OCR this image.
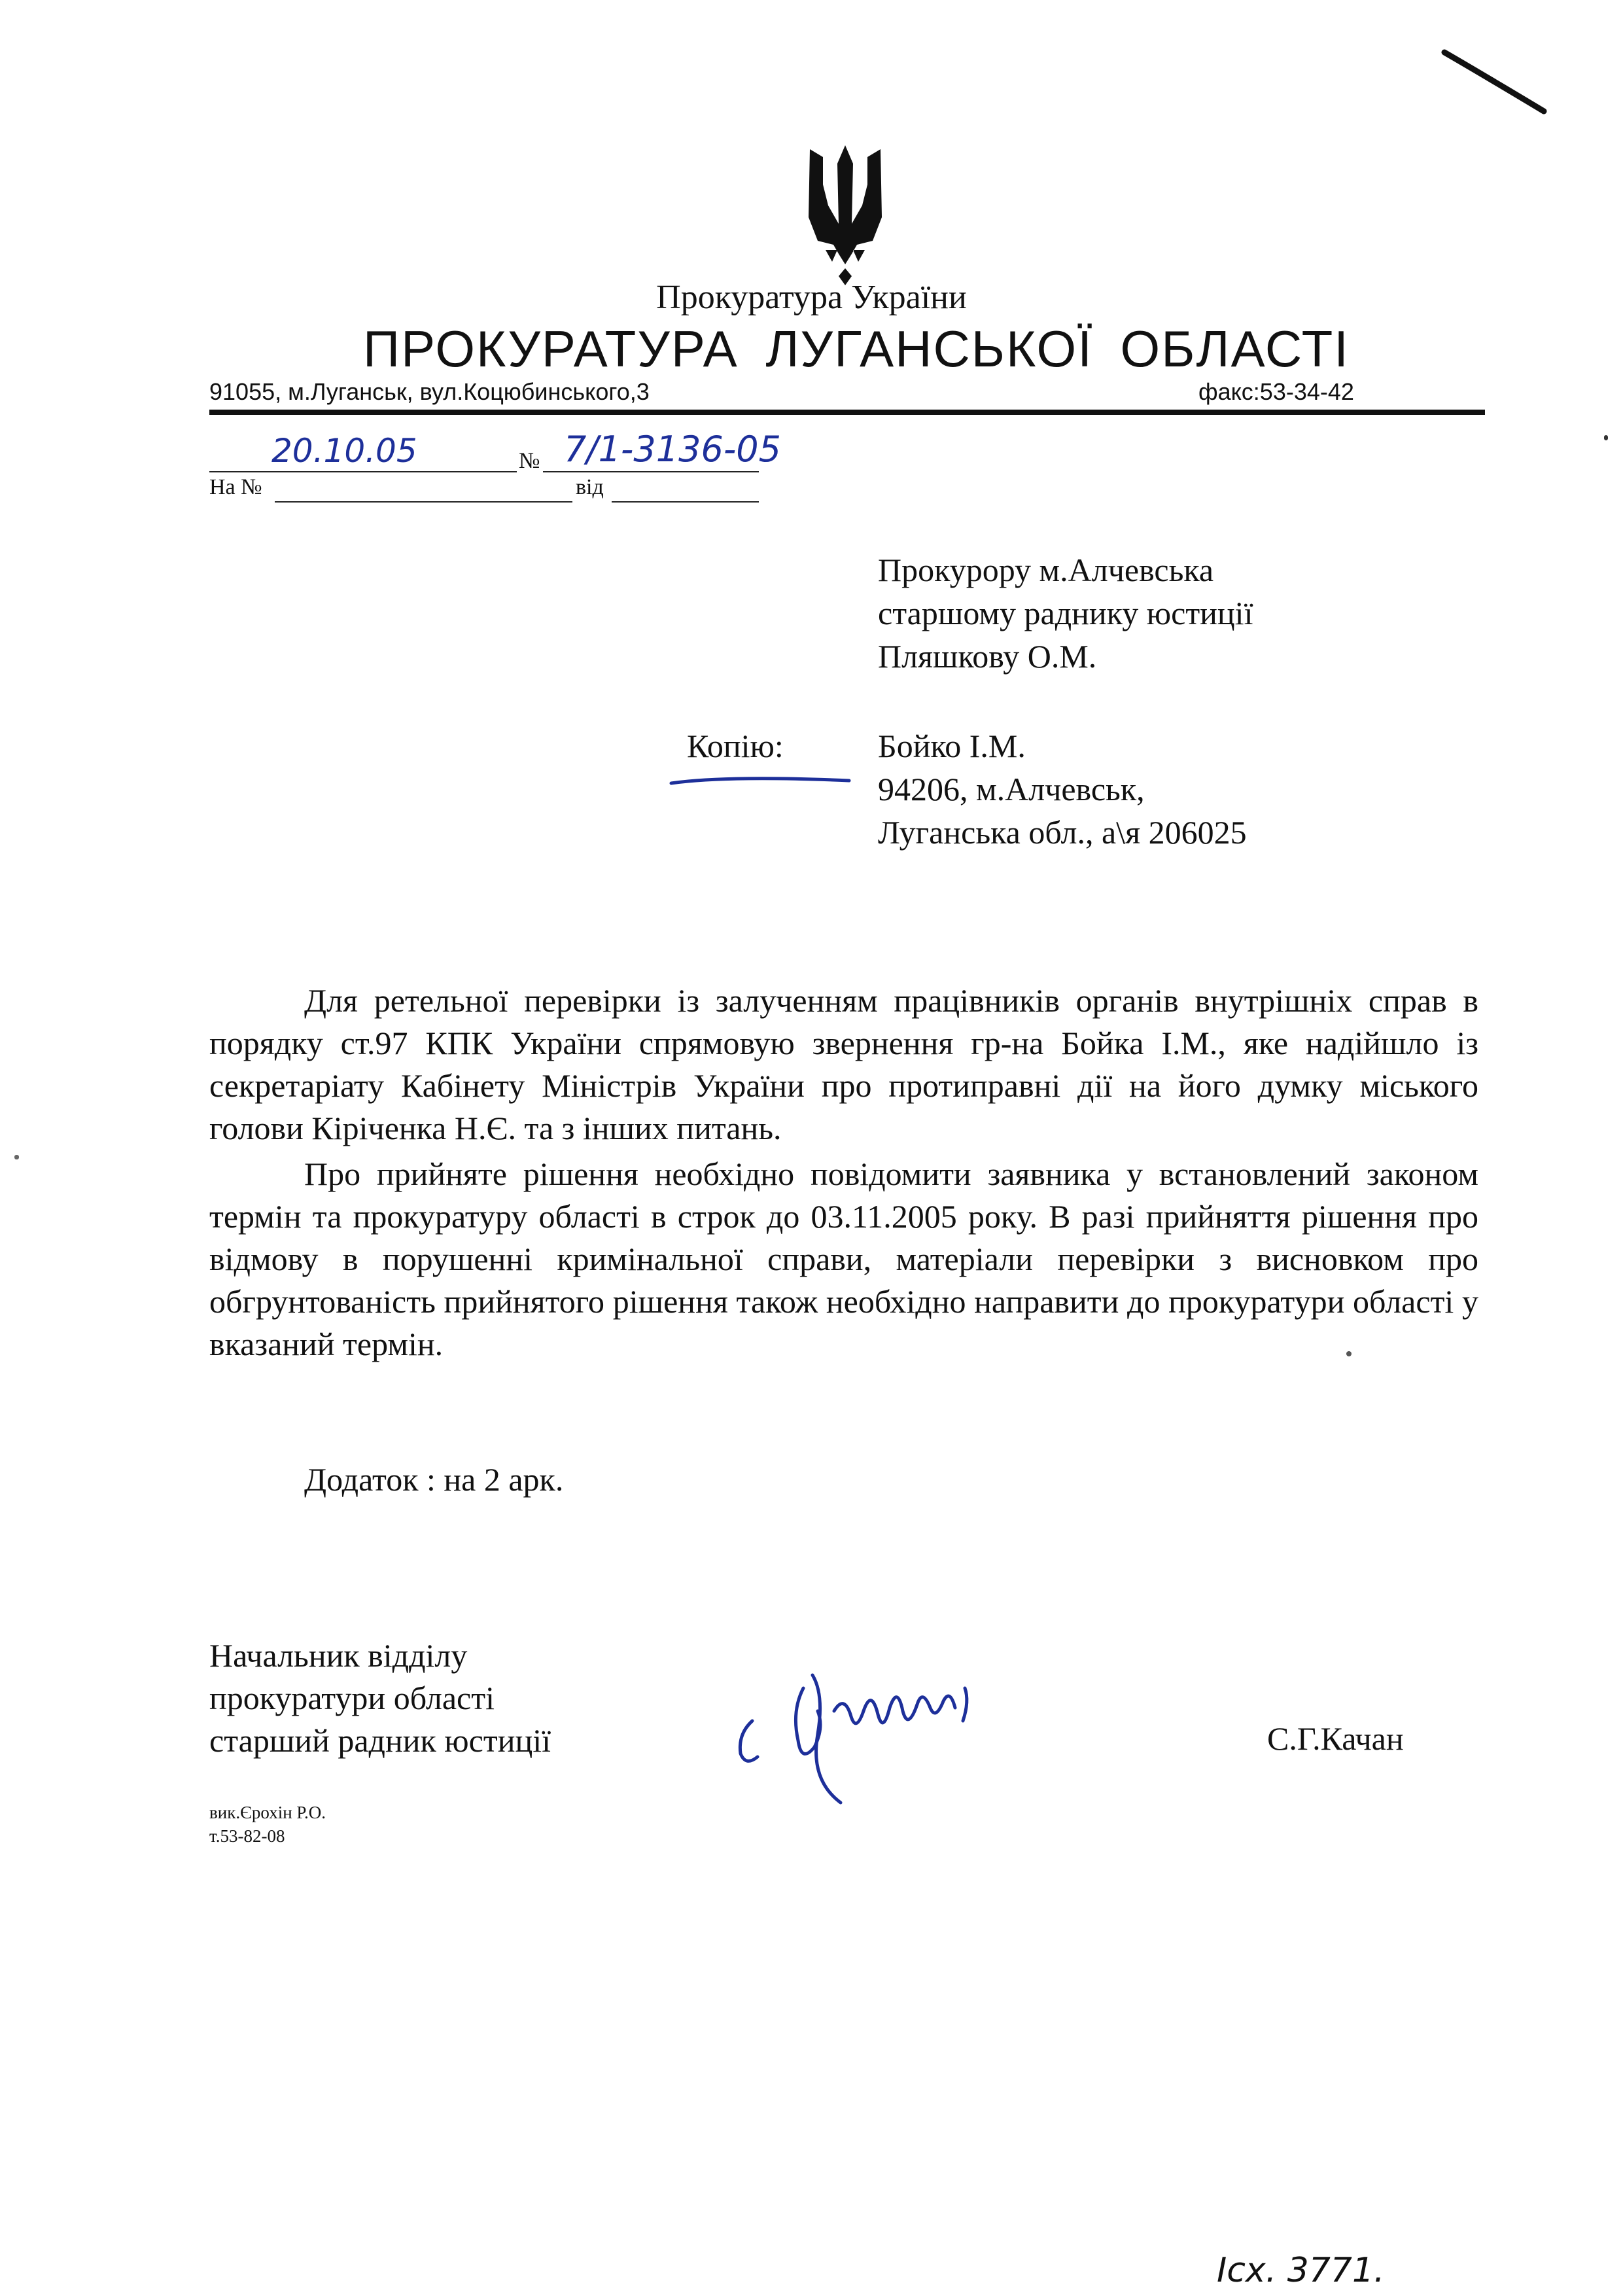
Прокуратура України
ПРОКУРАТУРА ЛУГАНСЬКОЇ ОБЛАСТІ
91055, м.Луганськ, вул.Коцюбинського,3	факс:53-34-42
20.10.05	№ 7/1-3136-05
На №	від
Прокурору м.Алчевська
старшому раднику юстиції
Пляшкову О.М.
Копію:	Бойко І.М.
94206, м.Алчевськ,
Луганська обл., а\я 206025

Для ретельної перевірки із залученням працівників органів внутрішніх справ в порядку ст.97 КПК України спрямовую звернення гр-на Бойка І.М., яке надійшло із секретаріату Кабінету Міністрів України про протиправні дії на його думку міського голови Кіріченка Н.Є. та з інших питань.

Про прийняте рішення необхідно повідомити заявника у встановлений законом термін та прокуратуру області в строк до 03.11.2005 року. В разі прийняття рішення про відмову в порушенні кримінальної справи, матеріали перевірки з висновком про обгрунтованість прийнятого рішення також необхідно направити до прокуратури області у вказаний термін.

Додаток : на 2 арк.
Начальник відділу
прокуратури області
старший радник юстиції	С.Г.Качан
вик.Єрохін Р.О.
т.53-82-08
Ісх. 3771.
